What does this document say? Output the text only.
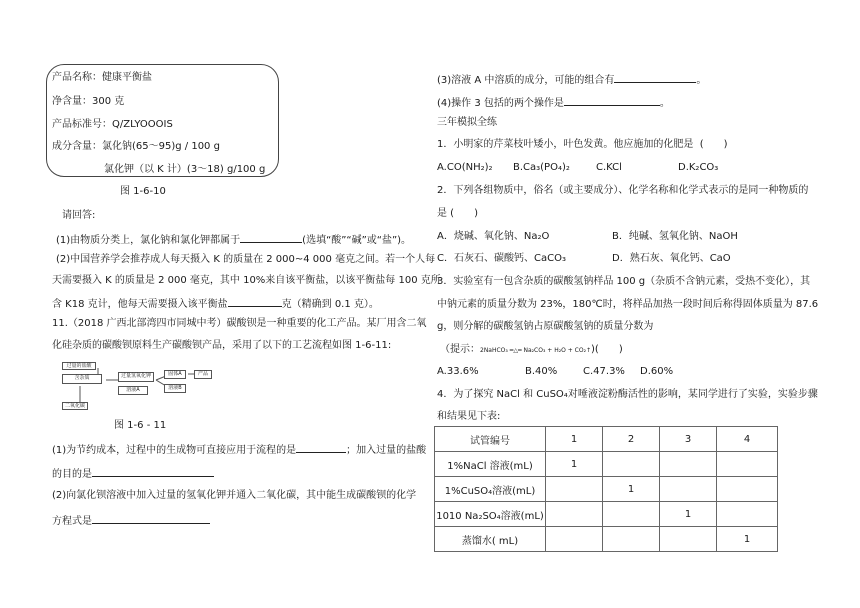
产品名称：健康平衡盐
净含量：300 克
产品标准号：Q/ZLYOOOIS
成分含量：氯化钠(65～95)g / 100 g
氯化钾（以 K 计）(3～18) g/100 g
图 1-6-10
请回答:
(1)由物质分类上，氯化钠和氯化钾都属于	(选填“酸”“碱”或“盐”)。
(2)中国营养学会推荐成人每天摄入 K 的质量在 2 000~4 000 毫克之间。若一个人每
天需要摄入 K 的质量是 2 000 毫克，其中 10%来自该平衡盐，以该平衡盐每 100 克所
含 K18 克计，他每天需要摄入该平衡盐	克（精确到 0.1 克）。
11.（2018 广西北部湾四市同城中考）碳酸钡是一种重要的化工产品。某厂用含二氧
化硅杂质的碳酸钡原料生产碳酸钡产品，采用了以下的工艺流程如图 1-6-11:
过量的盐酸
含杂质	过量氢氧化钾	固体A	产品
溶液A	溶液B
二氧化碳
图 1-6 - 11
(1)为节约成本，过程中的生成物可直接应用于流程的是	；加入过量的盐酸
的目的是
(2)向氯化钡溶液中加入过量的氢氧化钾并通入二氧化碳，其中能生成碳酸钡的化学
方程式是
(3)溶液 A 中溶质的成分，可能的组合有	。
(4)操作 3 包括的两个操作是	。
三年模拟全练
1．小明家的芹菜枝叶矮小，叶色发黄。他应施加的化肥是 (　　)
A.CO(NH₂)₂ B.Ca₃(PO₄)₂	C.KCl	D.K₂CO₃
2．下列各组物质中，俗名（或主要成分）、化学名称和化学式表示的是同一种物质的
是 (　　)
A．烧碱、氧化钠、Na₂O	B．纯碱、氢氧化钠、NaOH
C．石灰石、碳酸钙、CaCO₃	D．熟石灰、氧化钙、CaO
3．实验室有一包含杂质的碳酸氢钠样品 100 g（杂质不含钠元素，受热不变化），其
中钠元素的质量分数为 23%，180℃时，将样品加热一段时间后称得固体质量为 87.6
g，则分解的碳酸氢钠占原碳酸氢钠的质量分数为
（提示：2NaHCO₃ ═△═ Na₂CO₃ + H₂O + CO₂↑)(　　)
A.33.6%	B.40%	C.47.3% D.60%
4．为了探究 NaCl 和 CuSO₄对唾液淀粉酶活性的影响，某同学进行了实验，实验步骤
和结果见下表:
试管编号	1	2	3	4
1%NaCl 溶液(mL)	1			
1%CuSO₄溶液(mL)		1		
1010 Na₂SO₄溶液(mL)			1	
蒸馏水( mL)				1
